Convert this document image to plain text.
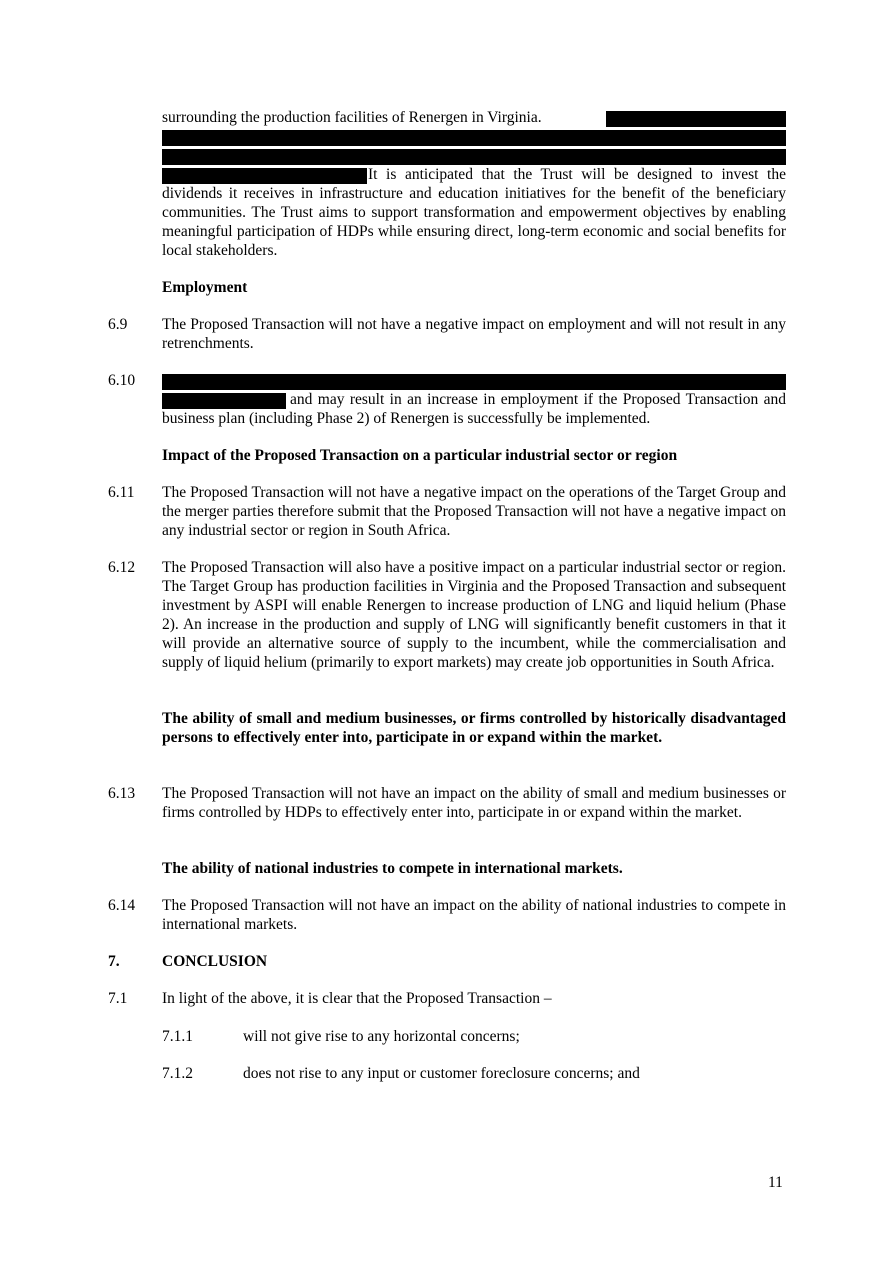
surrounding the production facilities of Renergen in Virginia.
It is anticipated that the Trust will be designed to invest the dividends it receives in infrastructure and education initiatives for the benefit of the beneficiary communities. The Trust aims to support transformation and empowerment objectives by enabling meaningful participation of HDPs while ensuring direct, long-term economic and social benefits for local stakeholders.
Employment
6.9 The Proposed Transaction will not have a negative impact on employment and will not result in any retrenchments.
6.10
and may result in an increase in employment if the Proposed Transaction and business plan (including Phase 2) of Renergen is successfully be implemented.
Impact of the Proposed Transaction on a particular industrial sector or region
6.11 The Proposed Transaction will not have a negative impact on the operations of the Target Group and the merger parties therefore submit that the Proposed Transaction will not have a negative impact on any industrial sector or region in South Africa.
6.12 The Proposed Transaction will also have a positive impact on a particular industrial sector or region. The Target Group has production facilities in Virginia and the Proposed Transaction and subsequent investment by ASPI will enable Renergen to increase production of LNG and liquid helium (Phase 2). An increase in the production and supply of LNG will significantly benefit customers in that it will provide an alternative source of supply to the incumbent, while the commercialisation and supply of liquid helium (primarily to export markets) may create job opportunities in South Africa.
The ability of small and medium businesses, or firms controlled by historically disadvantaged persons to effectively enter into, participate in or expand within the market.
6.13 The Proposed Transaction will not have an impact on the ability of small and medium businesses or firms controlled by HDPs to effectively enter into, participate in or expand within the market.
The ability of national industries to compete in international markets.
6.14 The Proposed Transaction will not have an impact on the ability of national industries to compete in international markets.
7.	CONCLUSION
7.1 In light of the above, it is clear that the Proposed Transaction –
7.1.1	will not give rise to any horizontal concerns;
7.1.2	does not rise to any input or customer foreclosure concerns; and
11
